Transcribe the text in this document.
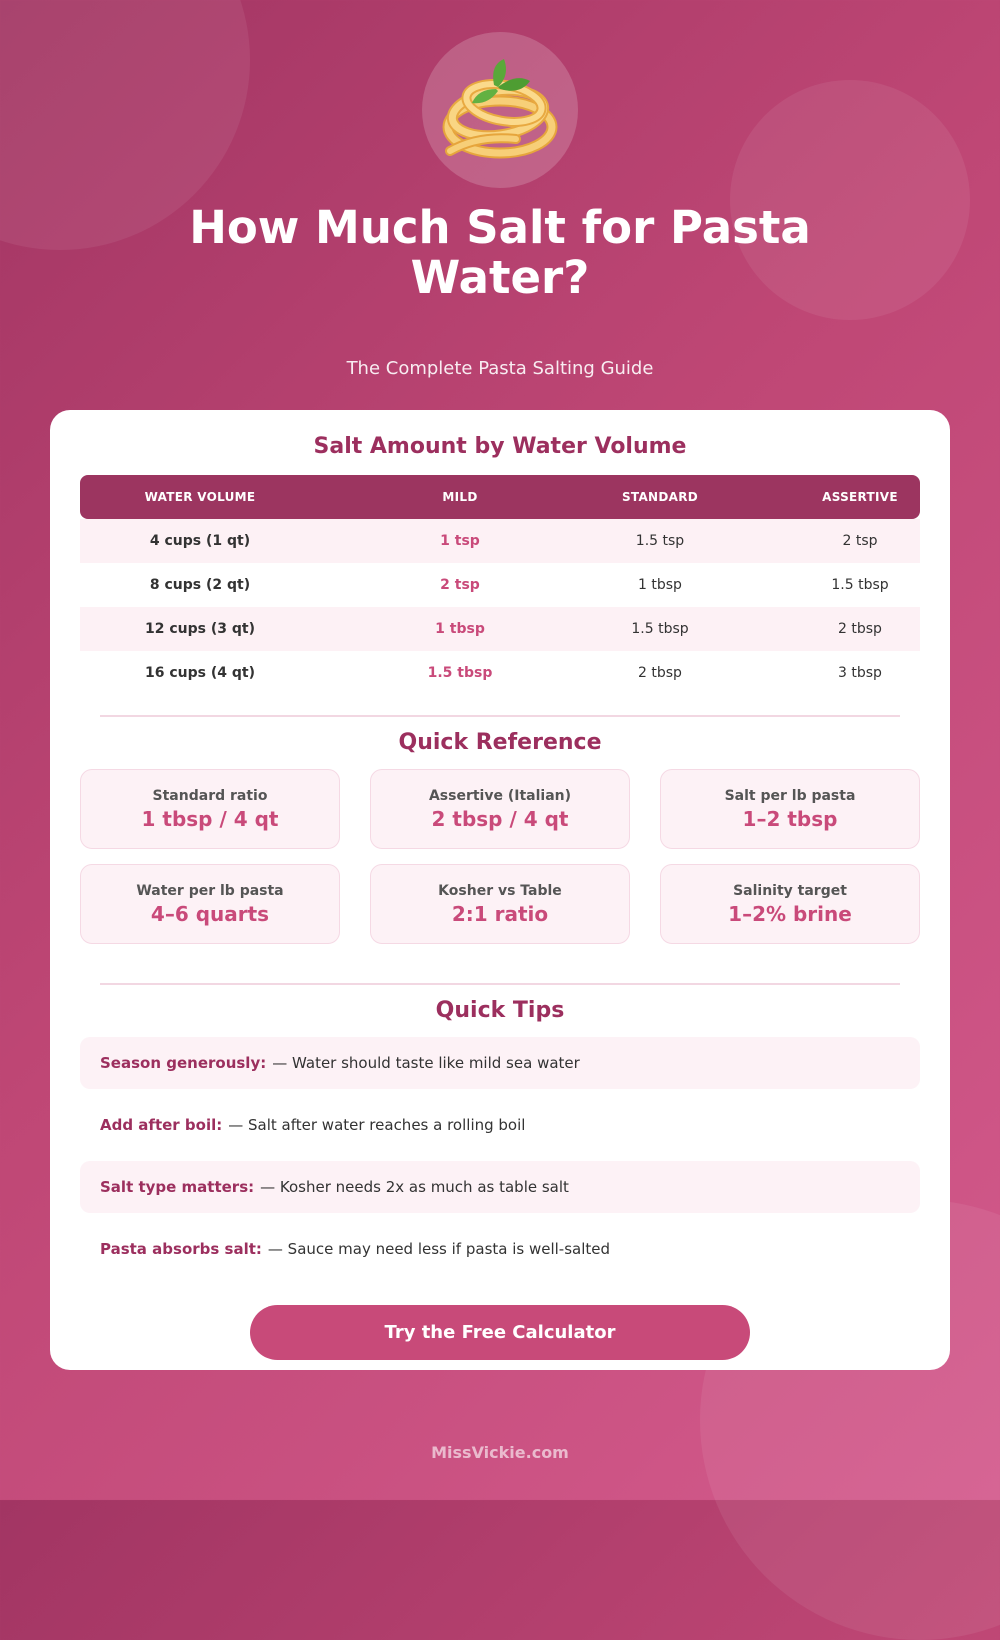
How Much Salt for Pasta Water?
The Complete Pasta Salting Guide
Salt Amount by Water Volume
WATER VOLUME	MILD	STANDARD	ASSERTIVE
4 cups (1 qt)	1 tsp	1.5 tsp	2 tsp
8 cups (2 qt)	2 tsp	1 tbsp	1.5 tbsp
12 cups (3 qt)	1 tbsp	1.5 tbsp	2 tbsp
16 cups (4 qt)	1.5 tbsp	2 tbsp	3 tbsp
Quick Reference
Standard ratio
1 tbsp / 4 qt
Assertive (Italian)
2 tbsp / 4 qt
Salt per lb pasta
1–2 tbsp
Water per lb pasta
4–6 quarts
Kosher vs Table
2:1 ratio
Salinity target
1–2% brine
Quick Tips
Season generously: — Water should taste like mild sea water
Add after boil: — Salt after water reaches a rolling boil
Salt type matters: — Kosher needs 2x as much as table salt
Pasta absorbs salt: — Sauce may need less if pasta is well-salted
Try the Free Calculator
MissVickie.com
